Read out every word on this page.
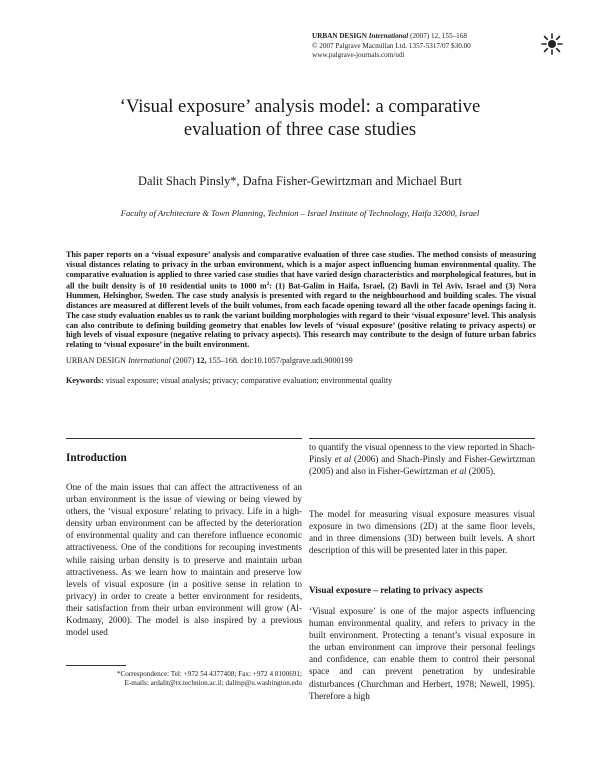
URBAN DESIGN International (2007) 12, 155–168
© 2007 Palgrave Macmillan Ltd. 1357-5317/07 $30.00
www.palgrave-journals.com/udi
‘Visual exposure’ analysis model: a comparative
evaluation of three case studies
Dalit Shach Pinsly*, Dafna Fisher-Gewirtzman and Michael Burt
Faculty of Architecture & Town Planning, Technion – Israel Institute of Technology, Haifa 32000, Israel
This paper reports on a ‘visual exposure’ analysis and comparative evaluation of three case studies. The method consists of measuring visual distances relating to privacy in the urban environment, which is a major aspect influencing human environmental quality. The comparative evaluation is applied to three varied case studies that have varied design characteristics and morphological features, but in all the built density is of 10 residential units to 1000 $m^2$: (1) Bat-Galim in Haifa, Israel, (2) Bavli in Tel Aviv, Israel and (3) Nora Hummen, Helsingbor, Sweden. The case study analysis is presented with regard to the neighbourhood and building scales. The visual distances are measured at different levels of the built volumes, from each facade opening toward all the other facade openings facing it. The case study evaluation enables us to rank the variant building morphologies with regard to their ‘visual exposure’ level. This analysis can also contribute to defining building geometry that enables low levels of ‘visual exposure’ (positive relating to privacy aspects) or high levels of visual exposure (negative relating to privacy aspects). This research may contribute to the design of future urban fabrics relating to ‘visual exposure’ in the built environment.
URBAN DESIGN International (2007) 12, 155–168. doi:10.1057/palgrave.udi.9000199
Keywords: visual exposure; visual analysis; privacy; comparative evaluation; environmental quality
Introduction
One of the main issues that can affect the attractiveness of an urban environment is the issue of viewing or being viewed by others, the ‘visual exposure’ relating to privacy. Life in a high-density urban environment can be affected by the deterioration of environmental quality and can therefore influence economic attractiveness. One of the conditions for recouping investments while raising urban density is to preserve and maintain urban attractiveness. As we learn how to maintain and preserve low levels of visual exposure (in a positive sense in relation to privacy) in order to create a better environment for residents, their satisfaction from their urban environment will grow (Al-Kodmany, 2000). The model is also inspired by a previous model used
to quantify the visual openness to the view reported in Shach-Pinsly et al (2006) and Shach-Pinsly and Fisher-Gewirtzman (2005) and also in Fisher-Gewirtzman et al (2005).
The model for measuring visual exposure measures visual exposure in two dimensions (2D) at the same floor levels, and in three dimensions (3D) between built levels. A short description of this will be presented later in this paper.
Visual exposure – relating to privacy aspects
‘Visual exposure’ is one of the major aspects influencing human environmental quality, and refers to privacy in the built environment. Protecting a tenant’s visual exposure in the urban environment can improve their personal feelings and confidence, can enable them to control their personal space and can prevent penetration by undesirable disturbances (Churchman and Herbert, 1978; Newell, 1995). Therefore a high
*Correspondence: Tel: +972 54 4377408; Fax: +972 4 8100691;
E-mails: ardalit@tx.technion.ac.il; dalitsp@u.washington.edu
